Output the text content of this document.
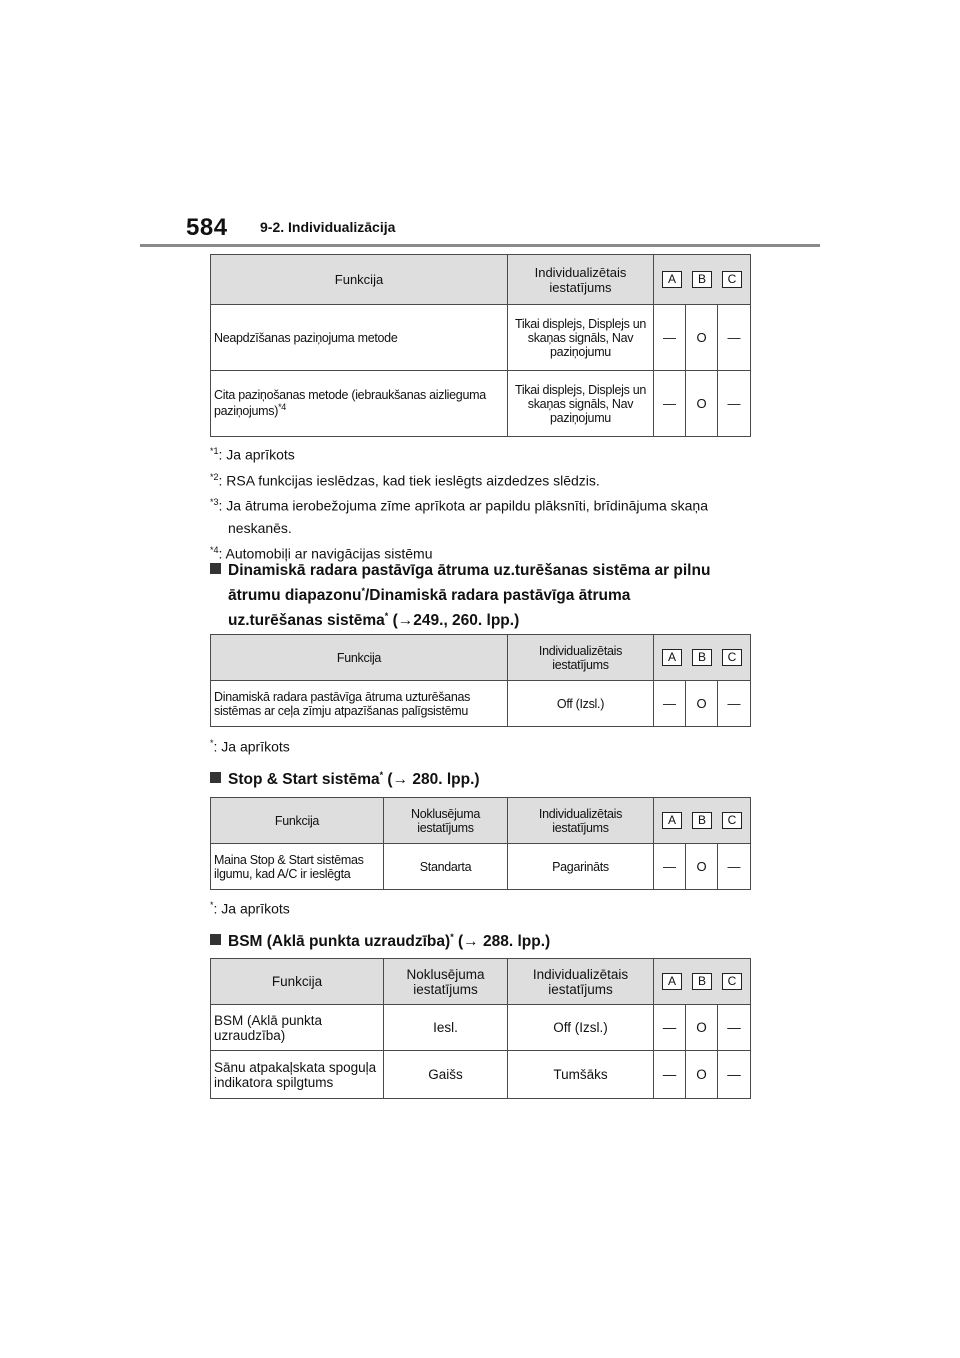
584 9-2. Individualizācija
Funkcija	Individualizētais iestatījums	A B C		

Neapdzīšanas paziņojuma metode	Tikai displejs, Displejs un skaņas signāls, Nav paziņojumu	—	O	—
Cita paziņošanas metode (iebraukšanas aizlieguma paziņojums)$^{*4}$	Tikai displejs, Displejs un skaņas signāls, Nav paziņojumu	—	O	—
$^{*1}$: Ja aprīkots
$^{*2}$: RSA funkcijas ieslēdzas, kad tiek ieslēgts aizdedzes slēdzis.
$^{*3}$: Ja ātruma ierobežojuma zīme aprīkota ar papildu plāksnīti, brīdinājuma skaņa
neskanēs.
$^{*4}$: Automobiļi ar navigācijas sistēmu
Dinamiskā radara pastāvīga ātruma uz.turēšanas sistēma ar pilnu
ātrumu diapazonu*/Dinamiskā radara pastāvīga ātruma
uz.turēšanas sistēma* (→249., 260. lpp.)
Funkcija	Individualizētais iestatījums	A B C		

Dinamiskā radara pastāvīga ātruma uzturēšanas sistēmas ar ceļa zīmju atpazīšanas palīgsistēmu	Off (Izsl.)	—	O	—
*: Ja aprīkots
Stop & Start sistēma* (→ 280. lpp.)
Funkcija	Noklusējuma iestatījums	Individualizētais iestatījums	A B C		

Maina Stop & Start sistēmas ilgumu, kad A/C ir ieslēgta	Standarta	Pagarināts	—	O	—
*: Ja aprīkots
BSM (Aklā punkta uzraudzība)* (→ 288. lpp.)
Funkcija	Noklusējuma iestatījums	Individualizētais iestatījums	A B C		

BSM (Aklā punkta uzraudzība)	Iesl.	Off (Izsl.)	—	O	—
Sānu atpakaļskata spoguļa indikatora spilgtums	Gaišs	Tumšāks	—	O	—
